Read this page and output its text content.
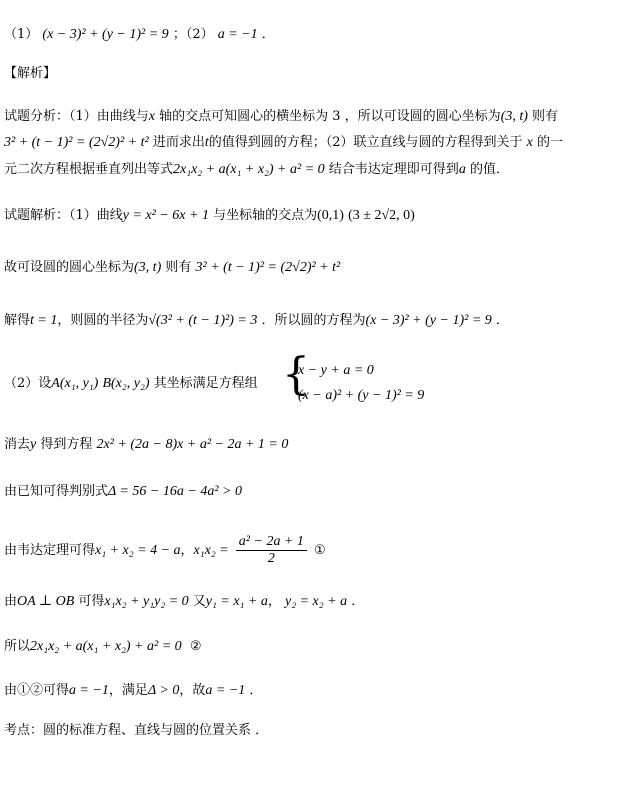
（1） (x − 3)² + (y − 1)² = 9 ；（2） a = −1 ．
【解析】
试题分析：（1）由曲线与x 轴的交点可知圆心的横坐标为 3 ，所以可设圆的圆心坐标为(3, t) 则有
3² + (t − 1)² = (2√2)² + t² 进而求出t的值得到圆的方程；（2）联立直线与圆的方程得到关于 x 的一
元二次方程根据垂直列出等式2x₁x₂ + a(x₁ + x₂) + a² = 0 结合韦达定理即可得到a 的值．
试题解析：（1）曲线y = x² − 6x + 1 与坐标轴的交点为(0,1) (3 ± 2√2, 0)
故可设圆的圆心坐标为(3, t) 则有 3² + (t − 1)² = (2√2)² + t²
解得t = 1，则圆的半径为√(3² + (t − 1)²) = 3 ．所以圆的方程为(x − 3)² + (y − 1)² = 9 ．
（2）设A(x₁, y₁) B(x₂, y₂) 其坐标满足方程组 {
x − y + a = 0
(x − a)² + (y − 1)² = 9
消去y 得到方程 2x² + (2a − 8)x + a² − 2a + 1 = 0
由已知可得判别式Δ = 56 − 16a − 4a² > 0
由韦达定理可得x₁ + x₂ = 4 − a，$x_1x_2 = \frac{\text{a² − 2a + 1}}{2}$ ①
由OA ⊥ OB 可得x₁x₂ + y₁y₂ = 0 又y₁ = x₁ + a， y₂ = x₂ + a ．
所以2x₁x₂ + a(x₁ + x₂) + a² = 0 ②
由①②可得a = −1，满足Δ > 0，故a = −1 ．
考点：圆的标准方程、直线与圆的位置关系 ．
